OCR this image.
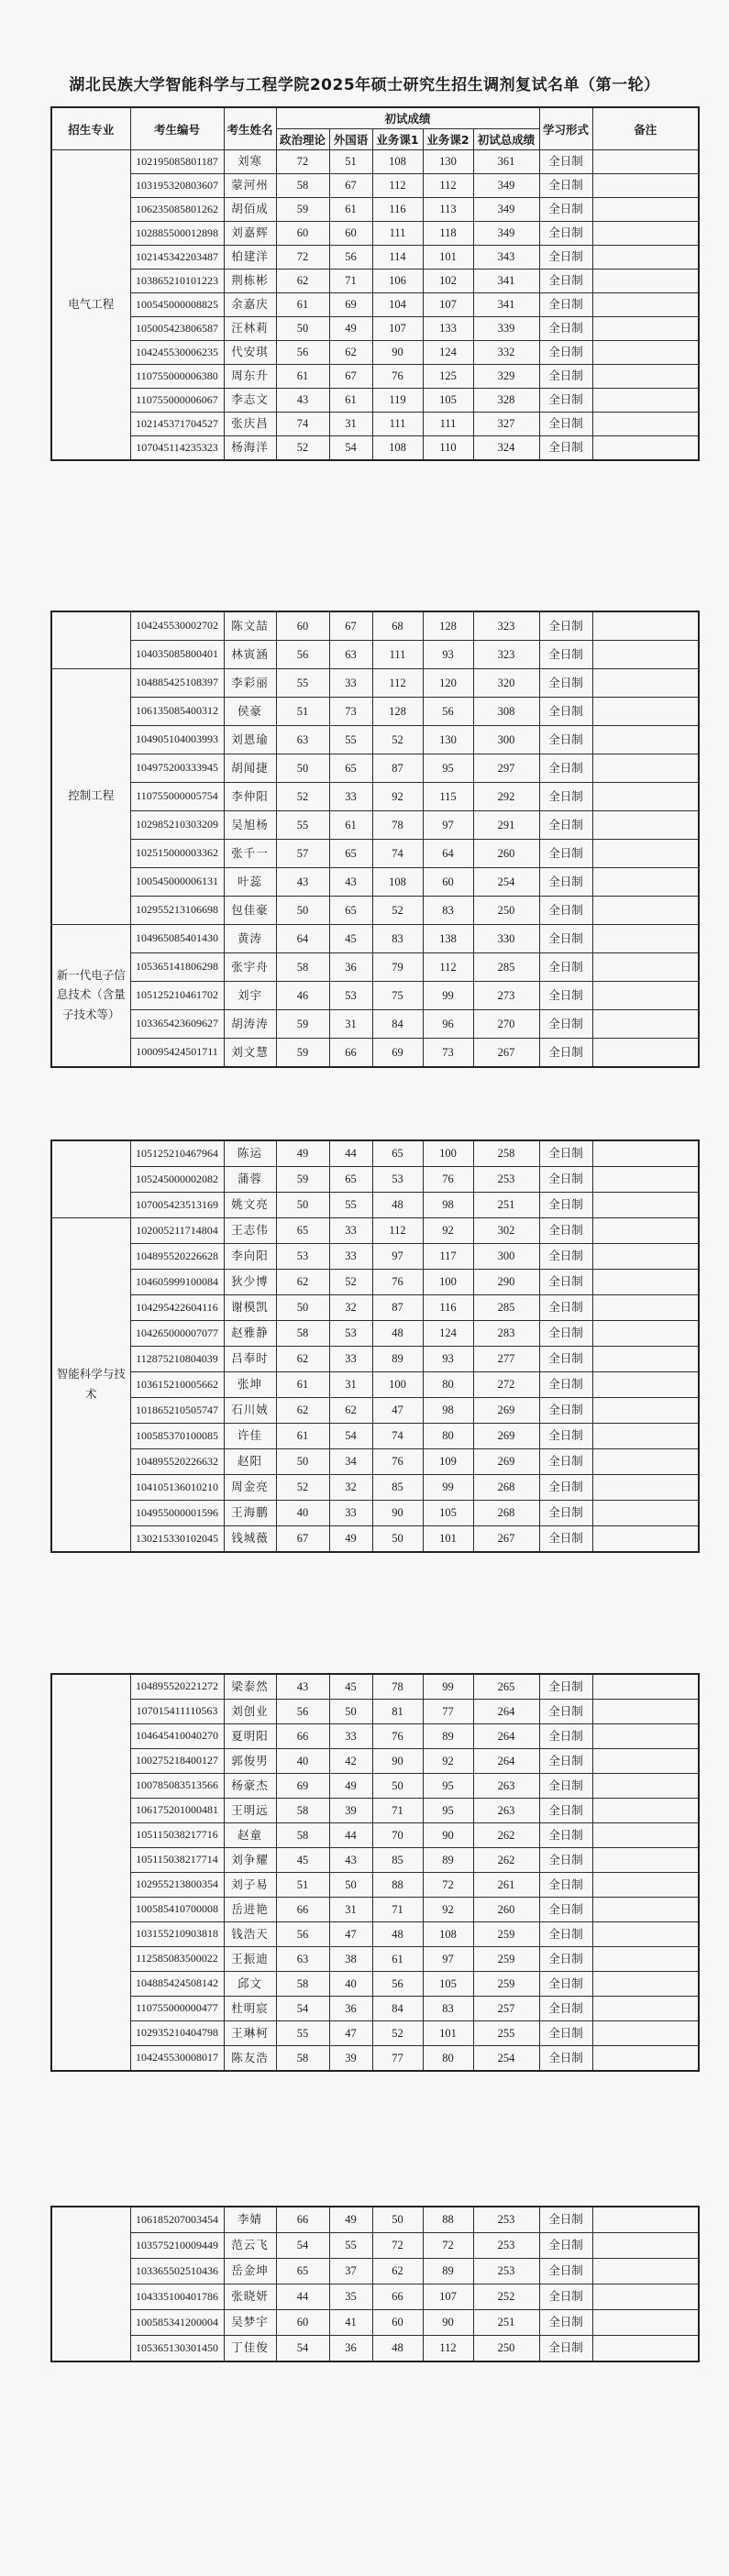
湖北民族大学智能科学与工程学院2025年硕士研究生招生调剂复试名单（第一轮）
招生专业	考生编号	考生姓名	初试成绩					学习形式	备注
			政治理论	外国语	业务课1	业务课2	初试总成绩		
电气工程	102195085801187	刘寒	72	51	108	130	361	全日制	
	103195320803607	蒙河州	58	67	112	112	349	全日制	
	106235085801262	胡佰成	59	61	116	113	349	全日制	
	102885500012898	刘嘉辉	60	60	111	118	349	全日制	
	102145342203487	柏建洋	72	56	114	101	343	全日制	
	103865210101223	荆栋彬	62	71	106	102	341	全日制	
	100545000008825	余嘉庆	61	69	104	107	341	全日制	
	105005423806587	汪林莉	50	49	107	133	339	全日制	
	104245530006235	代安琪	56	62	90	124	332	全日制	
	110755000006380	周东升	61	67	76	125	329	全日制	
	110755000006067	李志文	43	61	119	105	328	全日制	
	102145371704527	张庆昌	74	31	111	111	327	全日制	
	107045114235323	杨海洋	52	54	108	110	324	全日制	
	104245530002702	陈文喆	60	67	68	128	323	全日制	
	104035085800401	林寅涵	56	63	111	93	323	全日制	
控制工程	104885425108397	李彩丽	55	33	112	120	320	全日制	
	106135085400312	侯豪	51	73	128	56	308	全日制	
	104905104003993	刘恩瑜	63	55	52	130	300	全日制	
	104975200333945	胡闻捷	50	65	87	95	297	全日制	
	110755000005754	李仲阳	52	33	92	115	292	全日制	
	102985210303209	吴旭杨	55	61	78	97	291	全日制	
	102515000003362	张千一	57	65	74	64	260	全日制	
	100545000006131	叶蕊	43	43	108	60	254	全日制	
	102955213106698	包佳豪	50	65	52	83	250	全日制	
新一代电子信息技术（含量子技术等）	104965085401430	黄涛	64	45	83	138	330	全日制	
	105365141806298	张宇舟	58	36	79	112	285	全日制	
	105125210461702	刘宇	46	53	75	99	273	全日制	
	103365423609627	胡涛涛	59	31	84	96	270	全日制	
	100095424501711	刘文慧	59	66	69	73	267	全日制	
	105125210467964	陈运	49	44	65	100	258	全日制	
	105245000002082	蒲蓉	59	65	53	76	253	全日制	
	107005423513169	姚文亮	50	55	48	98	251	全日制	
智能科学与技术	102005211714804	王志伟	65	33	112	92	302	全日制	
	104895520226628	李向阳	53	33	97	117	300	全日制	
	104605999100084	狄少博	62	52	76	100	290	全日制	
	104295422604116	谢模凯	50	32	87	116	285	全日制	
	104265000007077	赵雅静	58	53	48	124	283	全日制	
	112875210804039	吕奉时	62	33	89	93	277	全日制	
	103615210005662	张坤	61	31	100	80	272	全日制	
	101865210505747	石川娀	62	62	47	98	269	全日制	
	100585370100085	许佳	61	54	74	80	269	全日制	
	104895520226632	赵阳	50	34	76	109	269	全日制	
	104105136010210	周金亮	52	32	85	99	268	全日制	
	104955000001596	王海鹏	40	33	90	105	268	全日制	
	130215330102045	钱城薇	67	49	50	101	267	全日制	
	104895520221272	梁泰然	43	45	78	99	265	全日制	
	107015411110563	刘创业	56	50	81	77	264	全日制	
	104645410040270	夏明阳	66	33	76	89	264	全日制	
	100275218400127	郭俊男	40	42	90	92	264	全日制	
	100785083513566	杨豪杰	69	49	50	95	263	全日制	
	106175201000481	王明远	58	39	71	95	263	全日制	
	105115038217716	赵童	58	44	70	90	262	全日制	
	105115038217714	刘争耀	45	43	85	89	262	全日制	
	102955213800354	刘子易	51	50	88	72	261	全日制	
	100585410700008	岳进艳	66	31	71	92	260	全日制	
	103155210903818	钱浩天	56	47	48	108	259	全日制	
	112585083500022	王振迪	63	38	61	97	259	全日制	
	104885424508142	邱文	58	40	56	105	259	全日制	
	110755000000477	杜明宸	54	36	84	83	257	全日制	
	102935210404798	王琳柯	55	47	52	101	255	全日制	
	104245530008017	陈友浩	58	39	77	80	254	全日制	
	106185207003454	李婧	66	49	50	88	253	全日制	
	103575210009449	范云飞	54	55	72	72	253	全日制	
	103365502510436	岳金坤	65	37	62	89	253	全日制	
	104335100401786	张晓妍	44	35	66	107	252	全日制	
	100585341200004	吴梦宇	60	41	60	90	251	全日制	
	105365130301450	丁佳俊	54	36	48	112	250	全日制	
